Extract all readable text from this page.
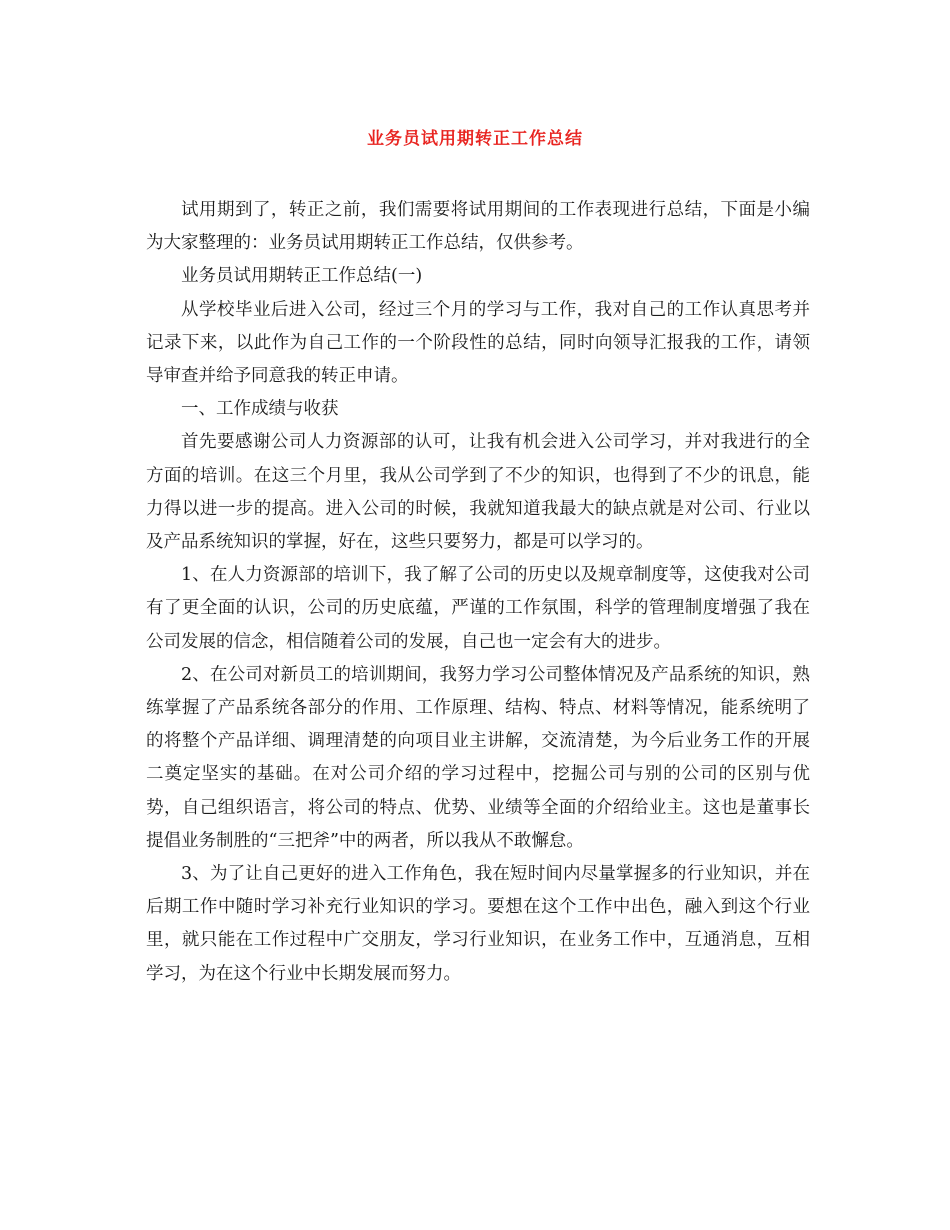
业务员试用期转正工作总结

试用期到了，转正之前，我们需要将试用期间的工作表现进行总结，下面是小编为大家整理的：业务员试用期转正工作总结，仅供参考。

业务员试用期转正工作总结(一)

从学校毕业后进入公司，经过三个月的学习与工作，我对自己的工作认真思考并记录下来，以此作为自己工作的一个阶段性的总结，同时向领导汇报我的工作，请领导审查并给予同意我的转正申请。

一、工作成绩与收获

首先要感谢公司人力资源部的认可，让我有机会进入公司学习，并对我进行的全方面的培训。在这三个月里，我从公司学到了不少的知识，也得到了不少的讯息，能力得以进一步的提高。进入公司的时候，我就知道我最大的缺点就是对公司、行业以及产品系统知识的掌握，好在，这些只要努力，都是可以学习的。

1、在人力资源部的培训下，我了解了公司的历史以及规章制度等，这使我对公司有了更全面的认识，公司的历史底蕴，严谨的工作氛围，科学的管理制度增强了我在公司发展的信念，相信随着公司的发展，自己也一定会有大的进步。

2、在公司对新员工的培训期间，我努力学习公司整体情况及产品系统的知识，熟练掌握了产品系统各部分的作用、工作原理、结构、特点、材料等情况，能系统明了的将整个产品详细、调理清楚的向项目业主讲解，交流清楚，为今后业务工作的开展二奠定坚实的基础。在对公司介绍的学习过程中，挖掘公司与别的公司的区别与优势，自己组织语言，将公司的特点、优势、业绩等全面的介绍给业主。这也是董事长提倡业务制胜的“三把斧”中的两者，所以我从不敢懈怠。

3、为了让自己更好的进入工作角色，我在短时间内尽量掌握多的行业知识，并在后期工作中随时学习补充行业知识的学习。要想在这个工作中出色，融入到这个行业里，就只能在工作过程中广交朋友，学习行业知识，在业务工作中，互通消息，互相学习，为在这个行业中长期发展而努力。
